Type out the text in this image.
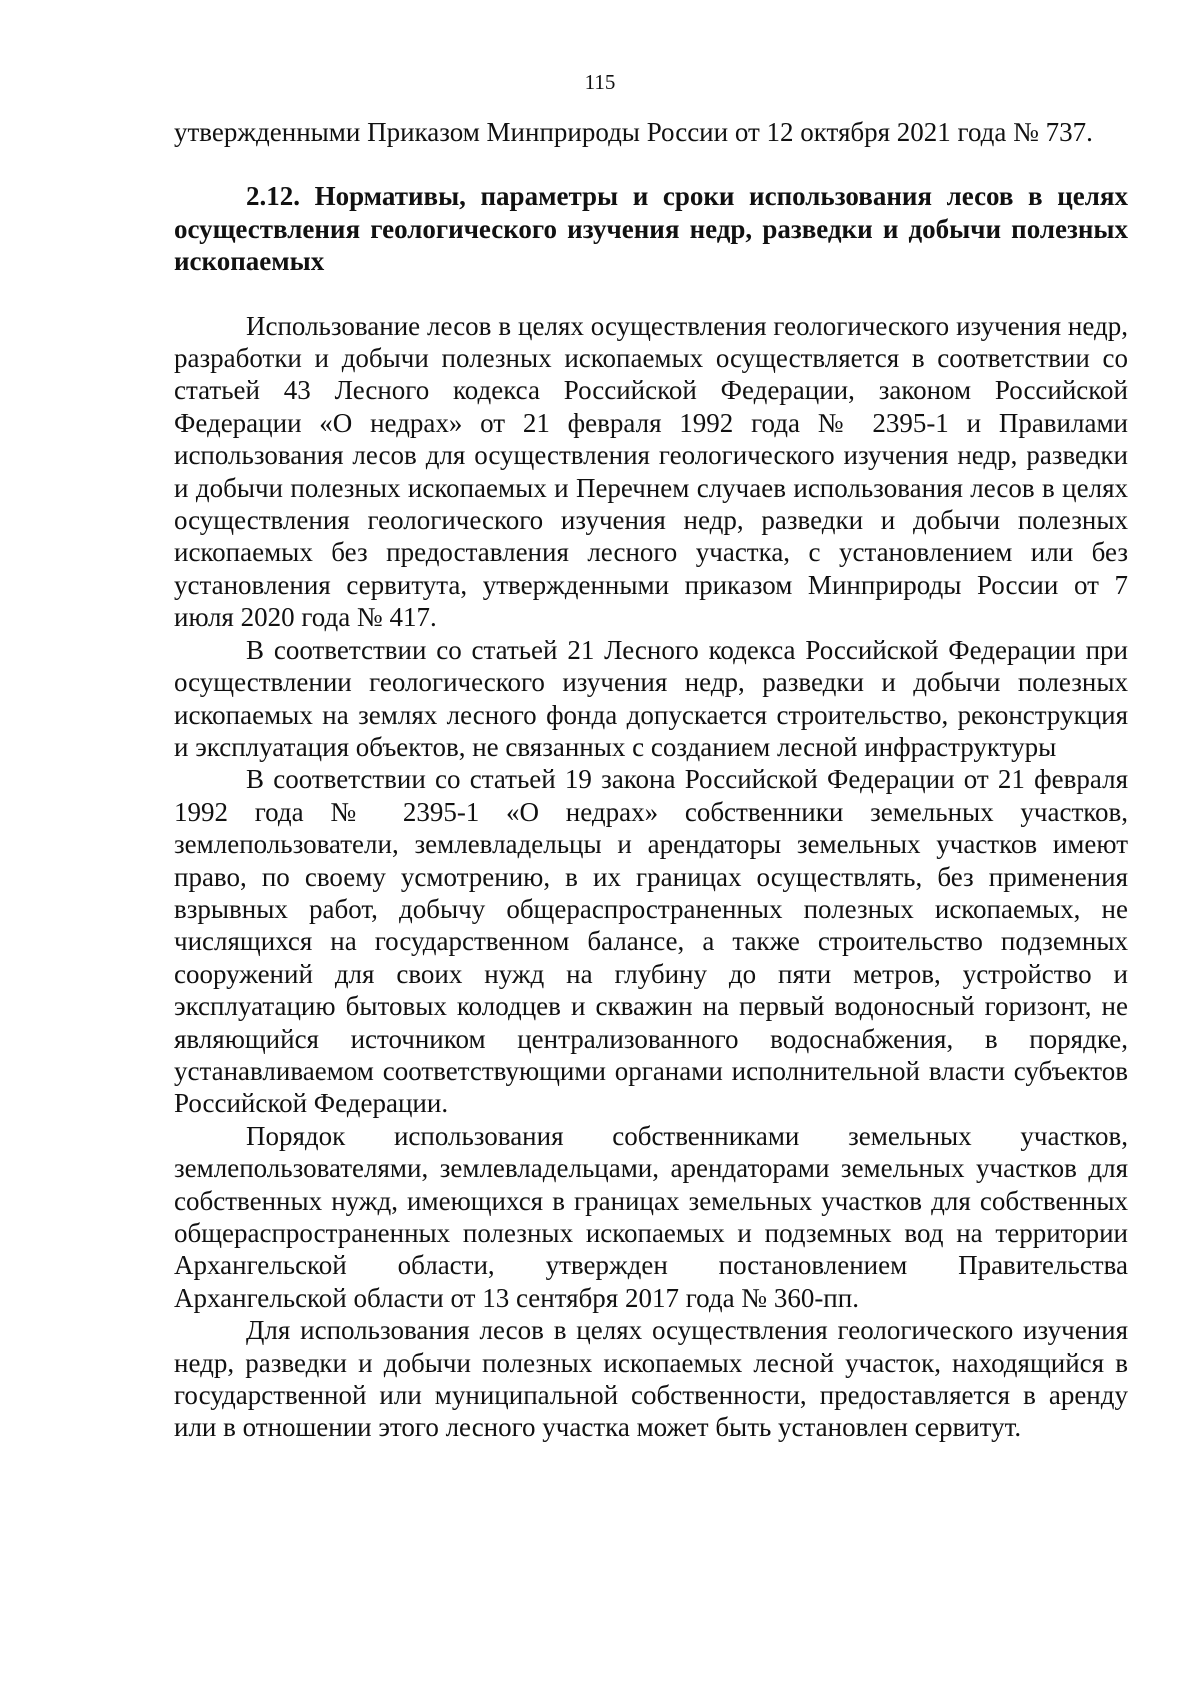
115

утвержденными Приказом Минприроды России от 12 октября 2021 года № 737.

2.12. Нормативы, параметры и сроки использования лесов в целях осуществления геологического изучения недр, разведки и добычи полезных ископаемых

Использование лесов в целях осуществления геологического изучения недр, разработки и добычи полезных ископаемых осуществляется в соответствии со статьей 43 Лесного кодекса Российской Федерации, законом Российской Федерации «О недрах» от 21 февраля 1992 года № 2395-1 и Правилами использования лесов для осуществления геологического изучения недр, разведки и добычи полезных ископаемых и Перечнем случаев использования лесов в целях осуществления геологического изучения недр, разведки и добычи полезных ископаемых без предоставления лесного участка, с установлением или без установления сервитута, утвержденными приказом Минприроды России от 7 июля 2020 года № 417.

В соответствии со статьей 21 Лесного кодекса Российской Федерации при осуществлении геологического изучения недр, разведки и добычи полезных ископаемых на землях лесного фонда допускается строительство, реконструкция и эксплуатация объектов, не связанных с созданием лесной инфраструктуры

В соответствии со статьей 19 закона Российской Федерации от 21 февраля 1992 года № 2395-1 «О недрах» собственники земельных участков, землепользователи, землевладельцы и арендаторы земельных участков имеют право, по своему усмотрению, в их границах осуществлять, без применения взрывных работ, добычу общераспространенных полезных ископаемых, не числящихся на государственном балансе, а также строительство подземных сооружений для своих нужд на глубину до пяти метров, устройство и эксплуатацию бытовых колодцев и скважин на первый водоносный горизонт, не являющийся источником централизованного водоснабжения, в порядке, устанавливаемом соответствующими органами исполнительной власти субъектов Российской Федерации.

Порядок использования собственниками земельных участков, землепользователями, землевладельцами, арендаторами земельных участков для собственных нужд, имеющихся в границах земельных участков для собственных общераспространенных полезных ископаемых и подземных вод на территории Архангельской области, утвержден постановлением Правительства Архангельской области от 13 сентября 2017 года № 360-пп.

Для использования лесов в целях осуществления геологического изучения недр, разведки и добычи полезных ископаемых лесной участок, находящийся в государственной или муниципальной собственности, предоставляется в аренду или в отношении этого лесного участка может быть установлен сервитут.
